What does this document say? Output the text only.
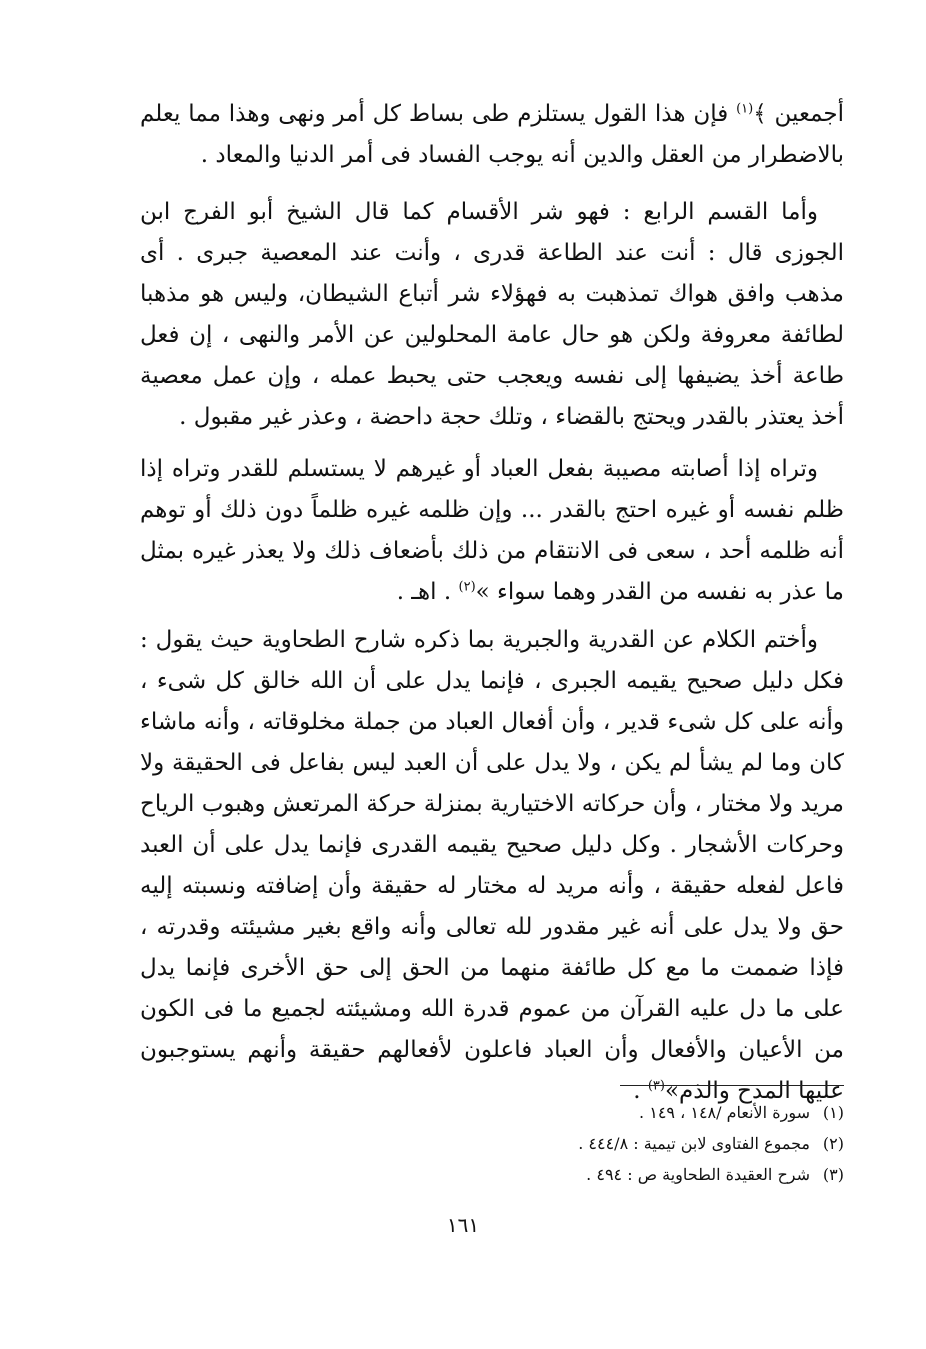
أجمعين ﴾$^{(١)}$ فإن هذا القول يستلزم طى بساط كل أمر ونهى وهذا مما يعلم بالاضطرار من العقل والدين أنه يوجب الفساد فى أمر الدنيا والمعاد .

وأما القسم الرابع : فهو شر الأقسام كما قال الشيخ أبو الفرج ابن الجوزى قال : أنت عند الطاعة قدرى ، وأنت عند المعصية جبرى . أى مذهب وافق هواك تمذهبت به فهؤلاء شر أتباع الشيطان، وليس هو مذهبا لطائفة معروفة ولكن هو حال عامة المحلولين عن الأمر والنهى ، إن فعل طاعة أخذ يضيفها إلى نفسه ويعجب حتى يحبط عمله ، وإن عمل معصية أخذ يعتذر بالقدر ويحتج بالقضاء ، وتلك حجة داحضة ، وعذر غير مقبول .

وتراه إذا أصابته مصيبة بفعل العباد أو غيرهم لا يستسلم للقدر وتراه إذا ظلم نفسه أو غيره احتج بالقدر ... وإن ظلمه غيره ظلماً دون ذلك أو توهم أنه ظلمه أحد ، سعى فى الانتقام من ذلك بأضعاف ذلك ولا يعذر غيره بمثل ما عذر به نفسه من القدر وهما سواء »$^{(٢)}$ . اهـ .

وأختم الكلام عن القدرية والجبرية بما ذكره شارح الطحاوية حيث يقول : فكل دليل صحيح يقيمه الجبرى ، فإنما يدل على أن الله خالق كل شىء ، وأنه على كل شىء قدير ، وأن أفعال العباد من جملة مخلوقاته ، وأنه ماشاء كان وما لم يشأ لم يكن ، ولا يدل على أن العبد ليس بفاعل فى الحقيقة ولا مريد ولا مختار ، وأن حركاته الاختيارية بمنزلة حركة المرتعش وهبوب الرياح وحركات الأشجار . وكل دليل صحيح يقيمه القدرى فإنما يدل على أن العبد فاعل لفعله حقيقة ، وأنه مريد له مختار له حقيقة وأن إضافته ونسبته إليه حق ولا يدل على أنه غير مقدور لله تعالى وأنه واقع بغير مشيئته وقدرته ، فإذا ضممت ما مع كل طائفة منهما من الحق إلى حق الأخرى فإنما يدل على ما دل عليه القرآن من عموم قدرة الله ومشيئته لجميع ما فى الكون من الأعيان والأفعال وأن العباد فاعلون لأفعالهم حقيقة وأنهم يستوجبون عليها المدح والذم»$^{(٣)}$ .

(١)سورة الأنعام /١٤٨ ، ١٤٩ .
(٢)مجموع الفتاوى لابن تيمية : ٤٤٤/٨ .
(٣)شرح العقيدة الطحاوية ص : ٤٩٤ .
١٦١
